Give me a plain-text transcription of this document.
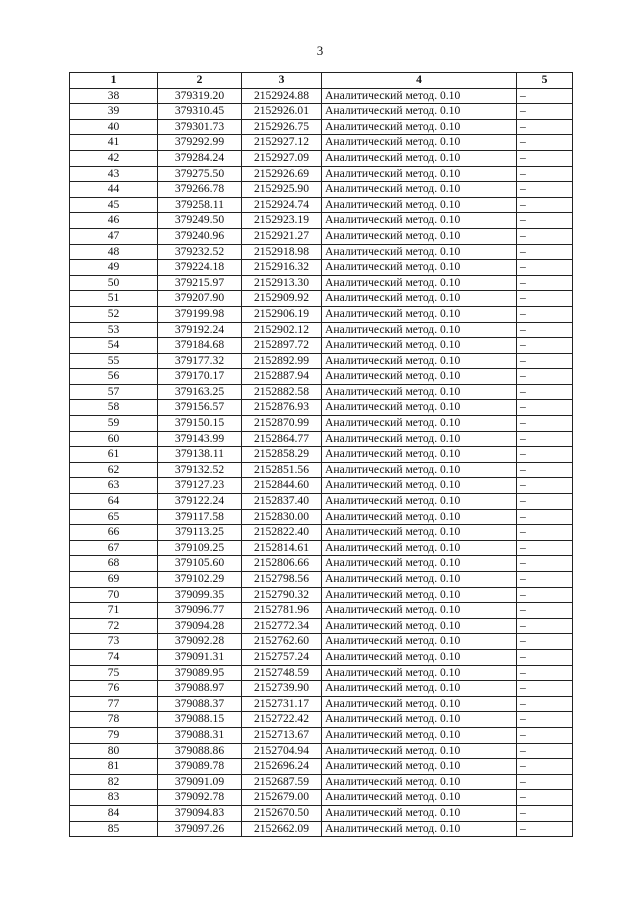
3
1	2	3	4	5
38	379319.20	2152924.88	Аналитический метод. 0.10	–
39	379310.45	2152926.01	Аналитический метод. 0.10	–
40	379301.73	2152926.75	Аналитический метод. 0.10	–
41	379292.99	2152927.12	Аналитический метод. 0.10	–
42	379284.24	2152927.09	Аналитический метод. 0.10	–
43	379275.50	2152926.69	Аналитический метод. 0.10	–
44	379266.78	2152925.90	Аналитический метод. 0.10	–
45	379258.11	2152924.74	Аналитический метод. 0.10	–
46	379249.50	2152923.19	Аналитический метод. 0.10	–
47	379240.96	2152921.27	Аналитический метод. 0.10	–
48	379232.52	2152918.98	Аналитический метод. 0.10	–
49	379224.18	2152916.32	Аналитический метод. 0.10	–
50	379215.97	2152913.30	Аналитический метод. 0.10	–
51	379207.90	2152909.92	Аналитический метод. 0.10	–
52	379199.98	2152906.19	Аналитический метод. 0.10	–
53	379192.24	2152902.12	Аналитический метод. 0.10	–
54	379184.68	2152897.72	Аналитический метод. 0.10	–
55	379177.32	2152892.99	Аналитический метод. 0.10	–
56	379170.17	2152887.94	Аналитический метод. 0.10	–
57	379163.25	2152882.58	Аналитический метод. 0.10	–
58	379156.57	2152876.93	Аналитический метод. 0.10	–
59	379150.15	2152870.99	Аналитический метод. 0.10	–
60	379143.99	2152864.77	Аналитический метод. 0.10	–
61	379138.11	2152858.29	Аналитический метод. 0.10	–
62	379132.52	2152851.56	Аналитический метод. 0.10	–
63	379127.23	2152844.60	Аналитический метод. 0.10	–
64	379122.24	2152837.40	Аналитический метод. 0.10	–
65	379117.58	2152830.00	Аналитический метод. 0.10	–
66	379113.25	2152822.40	Аналитический метод. 0.10	–
67	379109.25	2152814.61	Аналитический метод. 0.10	–
68	379105.60	2152806.66	Аналитический метод. 0.10	–
69	379102.29	2152798.56	Аналитический метод. 0.10	–
70	379099.35	2152790.32	Аналитический метод. 0.10	–
71	379096.77	2152781.96	Аналитический метод. 0.10	–
72	379094.28	2152772.34	Аналитический метод. 0.10	–
73	379092.28	2152762.60	Аналитический метод. 0.10	–
74	379091.31	2152757.24	Аналитический метод. 0.10	–
75	379089.95	2152748.59	Аналитический метод. 0.10	–
76	379088.97	2152739.90	Аналитический метод. 0.10	–
77	379088.37	2152731.17	Аналитический метод. 0.10	–
78	379088.15	2152722.42	Аналитический метод. 0.10	–
79	379088.31	2152713.67	Аналитический метод. 0.10	–
80	379088.86	2152704.94	Аналитический метод. 0.10	–
81	379089.78	2152696.24	Аналитический метод. 0.10	–
82	379091.09	2152687.59	Аналитический метод. 0.10	–
83	379092.78	2152679.00	Аналитический метод. 0.10	–
84	379094.83	2152670.50	Аналитический метод. 0.10	–
85	379097.26	2152662.09	Аналитический метод. 0.10	–
